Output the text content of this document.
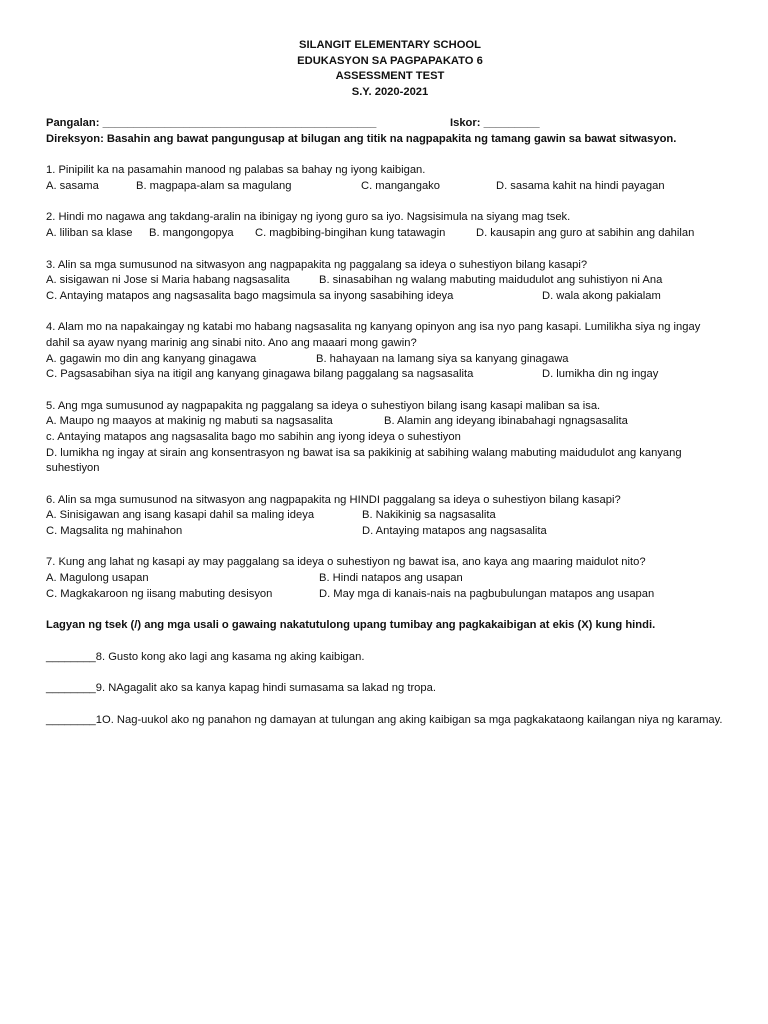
SILANGIT ELEMENTARY SCHOOL
EDUKASYON SA PAGPAPAKATO 6
ASSESSMENT TEST
S.Y. 2020-2021
Pangalan: ____________________________________________	Iskor: _________
Direksyon: Basahin ang bawat pangungusap at bilugan ang titik na nagpapakita ng tamang gawin sa bawat sitwasyon.
1. Pinipilit ka na pasamahin manood ng palabas sa bahay ng iyong kaibigan.
A. sasama	B. magpapa-alam sa magulang	C. mangangako	D. sasama kahit na hindi payagan
2. Hindi mo nagawa ang takdang-aralin na ibinigay ng iyong guro sa iyo. Nagsisimula na siyang mag tsek.
A. liliban sa klase B. mangongopya C. magbibing-bingihan kung tatawagin	D. kausapin ang guro at sabihin ang dahilan
3. Alin sa mga sumusunod na sitwasyon ang nagpapakita ng paggalang sa ideya o suhestiyon bilang kasapi?
A. sisigawan ni Jose si Maria habang nagsasalita	B. sinasabihan ng walang mabuting maidudulot ang suhistiyon ni Ana
C. Antaying matapos ang nagsasalita bago magsimula sa inyong sasabihing ideya	D. wala akong pakialam
4. Alam mo na napakaingay ng katabi mo habang nagsasalita ng kanyang opinyon ang isa nyo pang kasapi. Lumilikha siya ng ingay dahil sa ayaw nyang marinig ang sinabi nito. Ano ang maaari mong gawin?
A. gagawin mo din ang kanyang ginagawa	B. hahayaan na lamang siya sa kanyang ginagawa
C. Pagsasabihan siya na itigil ang kanyang ginagawa bilang paggalang sa nagsasalita	D. lumikha din ng ingay
5. Ang mga sumusunod ay nagpapakita ng paggalang sa ideya o suhestiyon bilang isang kasapi maliban sa isa.
A. Maupo ng maayos at makinig ng mabuti sa nagsasalita	B. Alamin ang ideyang ibinabahagi ngnagsasalita
c. Antaying matapos ang nagsasalita bago mo sabihin ang iyong ideya o suhestiyon
D. lumikha ng ingay at sirain ang konsentrasyon ng bawat isa sa pakikinig at sabihing walang mabuting maidudulot ang kanyang suhestiyon
6. Alin sa mga sumusunod na sitwasyon ang nagpapakita ng HINDI paggalang sa ideya o suhestiyon bilang kasapi?
A. Sinisigawan ang isang kasapi dahil sa maling ideya	B. Nakikinig sa nagsasalita
C. Magsalita ng mahinahon	D. Antaying matapos ang nagsasalita
7. Kung ang lahat ng kasapi ay may paggalang sa ideya o suhestiyon ng bawat isa, ano kaya ang maaring maidulot nito?
A. Magulong usapan	B. Hindi natapos ang usapan
C. Magkakaroon ng iisang mabuting desisyon	D. May mga di kanais-nais na pagbubulungan matapos ang usapan
Lagyan ng tsek (/) ang mga usali o gawaing nakatutulong upang tumibay ang pagkakaibigan at ekis (X) kung hindi.
________8. Gusto kong ako lagi ang kasama ng aking kaibigan.
________9. NAgagalit ako sa kanya kapag hindi sumasama sa lakad ng tropa.
________1O. Nag-uukol ako ng panahon ng damayan at tulungan ang aking kaibigan sa mga pagkakataong kailangan niya ng karamay.
